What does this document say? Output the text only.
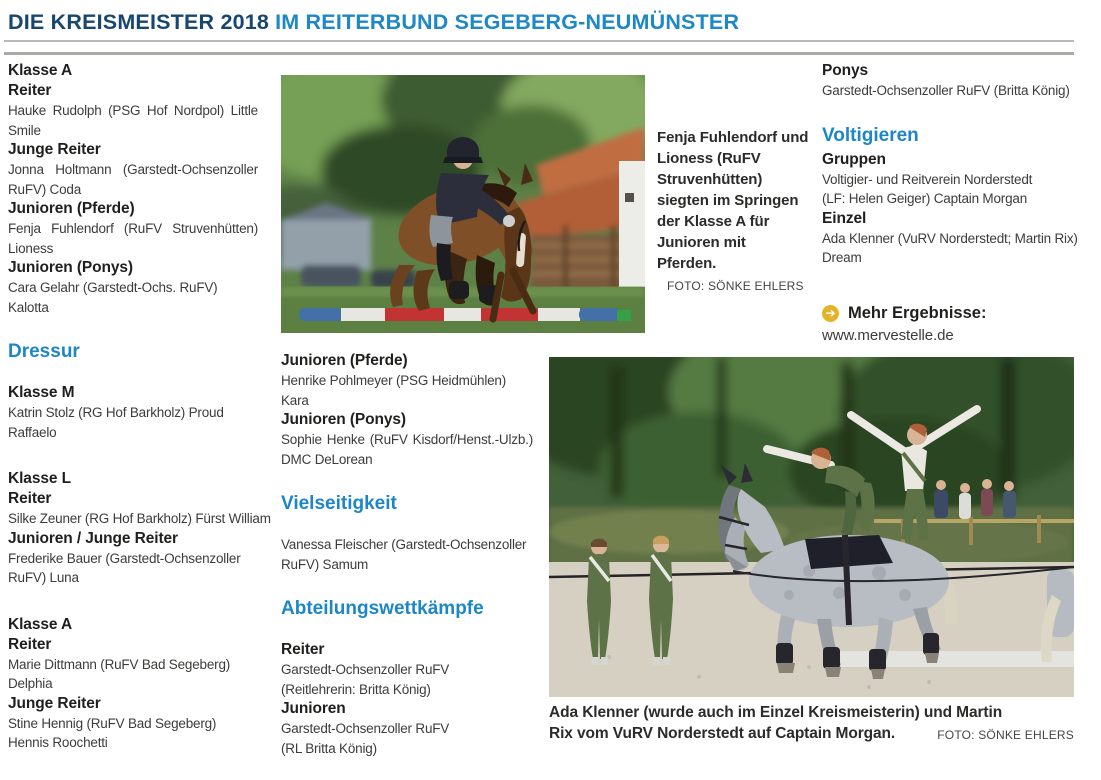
DIE KREISMEISTER 2018 IM REITERBUND SEGEBERG-NEUMÜNSTER
Klasse A
Reiter
Hauke Rudolph (PSG Hof Nordpol) Little Smile
Junge Reiter
Jonna Holtmann (Garstedt-Ochsenzoller RuFV) Coda
Junioren (Pferde)
Fenja Fuhlendorf (RuFV Struvenhütten) Lioness
Junioren (Ponys)
Cara Gelahr (Garstedt-Ochs. RuFV) Kalotta
Dressur
Klasse M
Katrin Stolz (RG Hof Barkholz) Proud Raffaelo
Klasse L
Reiter
Silke Zeuner (RG Hof Barkholz) Fürst William
Junioren / Junge Reiter
Frederike Bauer (Garstedt-Ochsenzoller RuFV) Luna
Klasse A
Reiter
Marie Dittmann (RuFV Bad Segeberg) Delphia
Junge Reiter
Stine Hennig (RuFV Bad Segeberg) Hennis Roochetti
Junioren (Pferde)
Henrike Pohlmeyer (PSG Heidmühlen) Kara
Junioren (Ponys)
Sophie Henke (RuFV Kisdorf/Henst.-Ulzb.) DMC DeLorean
Vielseitigkeit
Vanessa Fleischer (Garstedt-Ochsenzoller RuFV) Samum
Abteilungswettkämpfe
Reiter
Garstedt-Ochsenzoller RuFV
(Reitlehrerin: Britta König)
Junioren
Garstedt-Ochsenzoller RuFV
(RL Britta König)
Ponys
Garstedt-Ochsenzoller RuFV (Britta König)
Voltigieren
Gruppen
Voltigier- und Reitverein Norderstedt
(LF: Helen Geiger) Captain Morgan
Einzel
Ada Klenner (VuRV Norderstedt; Martin Rix) Dream
➔ Mehr Ergebnisse:
www.mervestelle.de
Fenja Fuhlendorf und Lioness (RuFV Struvenhütten) siegten im Springen der Klasse A für Junioren mit Pferden.
FOTO: SÖNKE EHLERS
Ada Klenner (wurde auch im Einzel Kreismeisterin) und Martin Rix vom VuRV Norderstedt auf Captain Morgan.	FOTO: SÖNKE EHLERS
